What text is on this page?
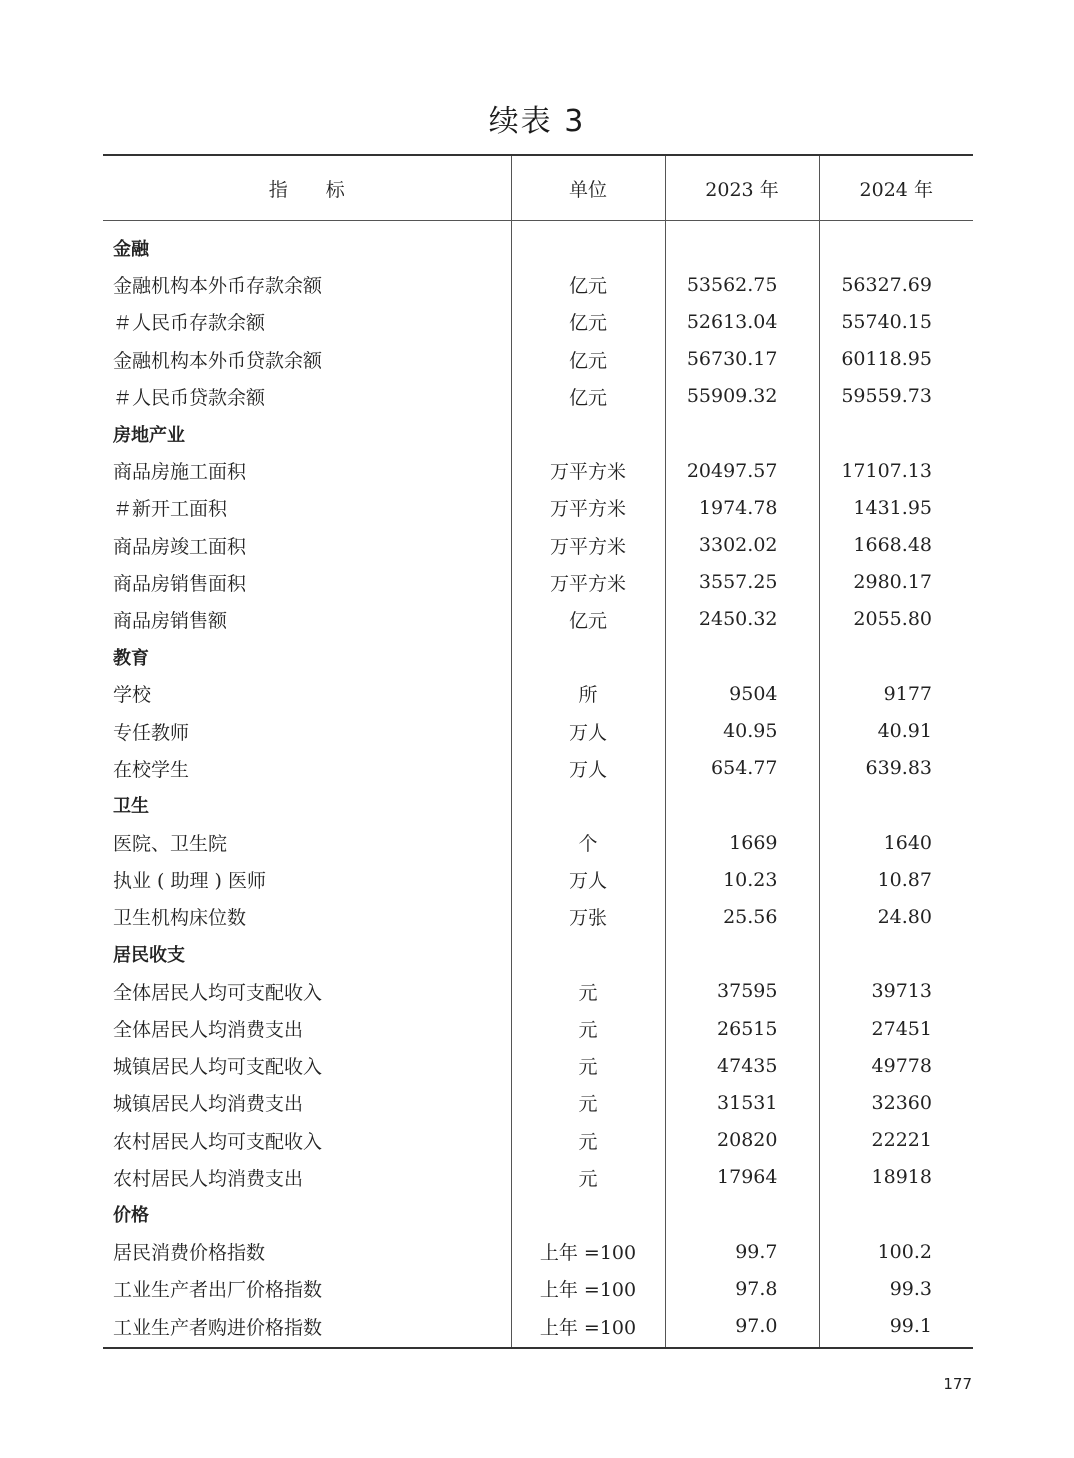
续表 3
指　　标	单位	2023 年	2024 年
金融			
金融机构本外币存款余额	亿元	53562.75	56327.69
＃人民币存款余额	亿元	52613.04	55740.15
金融机构本外币贷款余额	亿元	56730.17	60118.95
＃人民币贷款余额	亿元	55909.32	59559.73
房地产业			
商品房施工面积	万平方米	20497.57	17107.13
＃新开工面积	万平方米	1974.78	1431.95
商品房竣工面积	万平方米	3302.02	1668.48
商品房销售面积	万平方米	3557.25	2980.17
商品房销售额	亿元	2450.32	2055.80
教育			
学校	所	9504	9177
专任教师	万人	40.95	40.91
在校学生	万人	654.77	639.83
卫生			
医院、卫生院	个	1669	1640
执业 ( 助理 ) 医师	万人	10.23	10.87
卫生机构床位数	万张	25.56	24.80
居民收支			
全体居民人均可支配收入	元	37595	39713
全体居民人均消费支出	元	26515	27451
城镇居民人均可支配收入	元	47435	49778
城镇居民人均消费支出	元	31531	32360
农村居民人均可支配收入	元	20820	22221
农村居民人均消费支出	元	17964	18918
价格			
居民消费价格指数	上年 =100	99.7	100.2
工业生产者出厂价格指数	上年 =100	97.8	99.3
工业生产者购进价格指数	上年 =100	97.0	99.1
177
